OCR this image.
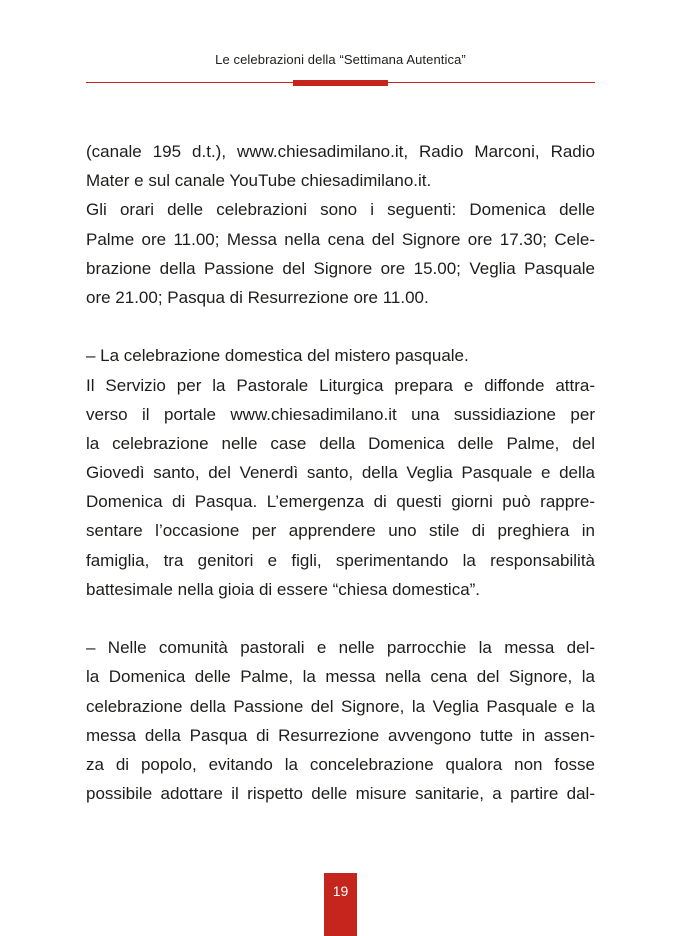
Le celebrazioni della “Settimana Autentica”
(canale 195 d.t.), www.chiesadimilano.it, Radio Marconi, Radio
Mater e sul canale YouTube chiesadimilano.it.
Gli orari delle celebrazioni sono i seguenti: Domenica delle
Palme ore 11.00; Messa nella cena del Signore ore 17.30; Cele-
brazione della Passione del Signore ore 15.00; Veglia Pasquale
ore 21.00; Pasqua di Resurrezione ore 11.00.
– La celebrazione domestica del mistero pasquale.
Il Servizio per la Pastorale Liturgica prepara e diffonde attra-
verso il portale www.chiesadimilano.it una sussidiazione per
la celebrazione nelle case della Domenica delle Palme, del
Giovedì santo, del Venerdì santo, della Veglia Pasquale e della
Domenica di Pasqua. L’emergenza di questi giorni può rappre-
sentare l’occasione per apprendere uno stile di preghiera in
famiglia, tra genitori e figli, sperimentando la responsabilità
battesimale nella gioia di essere “chiesa domestica”.
– Nelle comunità pastorali e nelle parrocchie la messa del-
la Domenica delle Palme, la messa nella cena del Signore, la
celebrazione della Passione del Signore, la Veglia Pasquale e la
messa della Pasqua di Resurrezione avvengono tutte in assen-
za di popolo, evitando la concelebrazione qualora non fosse
possibile adottare il rispetto delle misure sanitarie, a partire dal-
19
